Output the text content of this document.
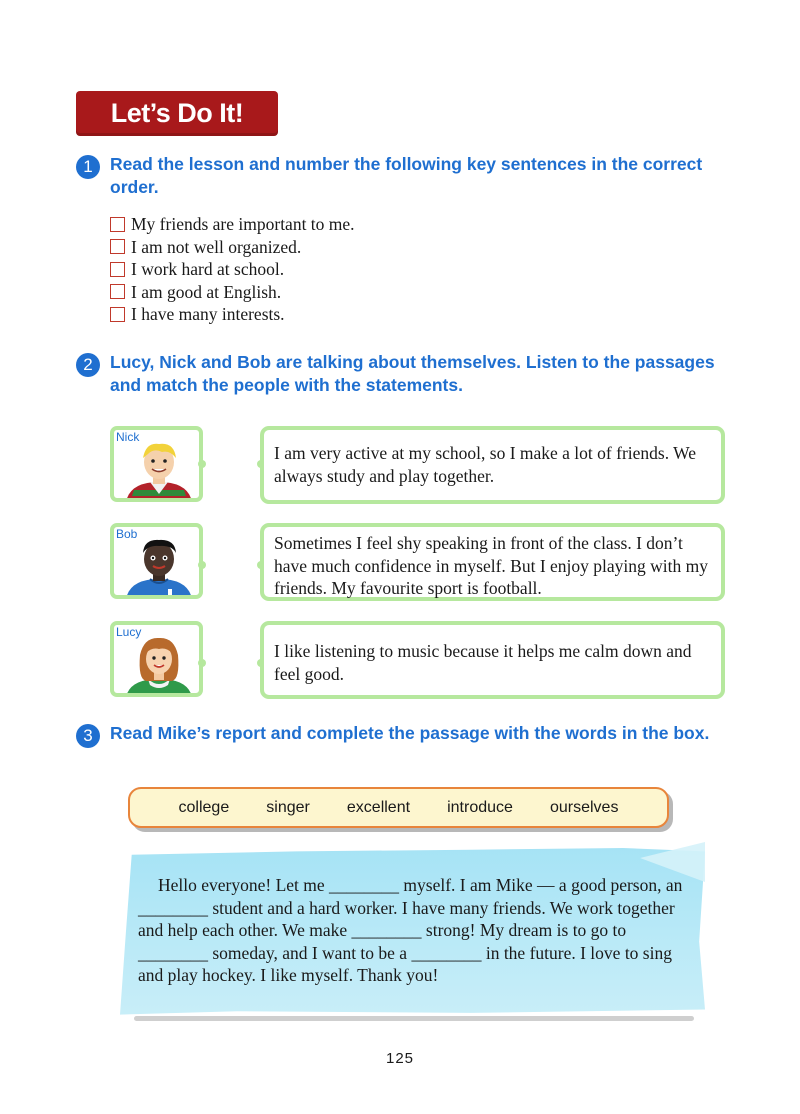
Let’s Do It!
1 Read the lesson and number the following key sentences in the correct order.
My friends are important to me.
I am not well organized.
I work hard at school.
I am good at English.
I have many interests.
2 Lucy, Nick and Bob are talking about themselves. Listen to the passages and match the people with the statements.
Nick
I am very active at my school, so I make a lot of friends. We always study and play together.
Bob	Sometimes I feel shy speaking in front of the class. I don’t have much confidence in myself. But I enjoy playing with my friends. My favourite sport is football.
Lucy
I like listening to music because it helps me calm down and feel good.
3 Read Mike’s report and complete the passage with the words in the box.
college singer excellent introduce ourselves
Hello everyone! Let me ________ myself. I am Mike — a good person, an ________ student and a hard worker. I have many friends. We work together and help each other. We make ________ strong! My dream is to go to ________ someday, and I want to be a ________ in the future. I love to sing and play hockey. I like myself. Thank you!
125
